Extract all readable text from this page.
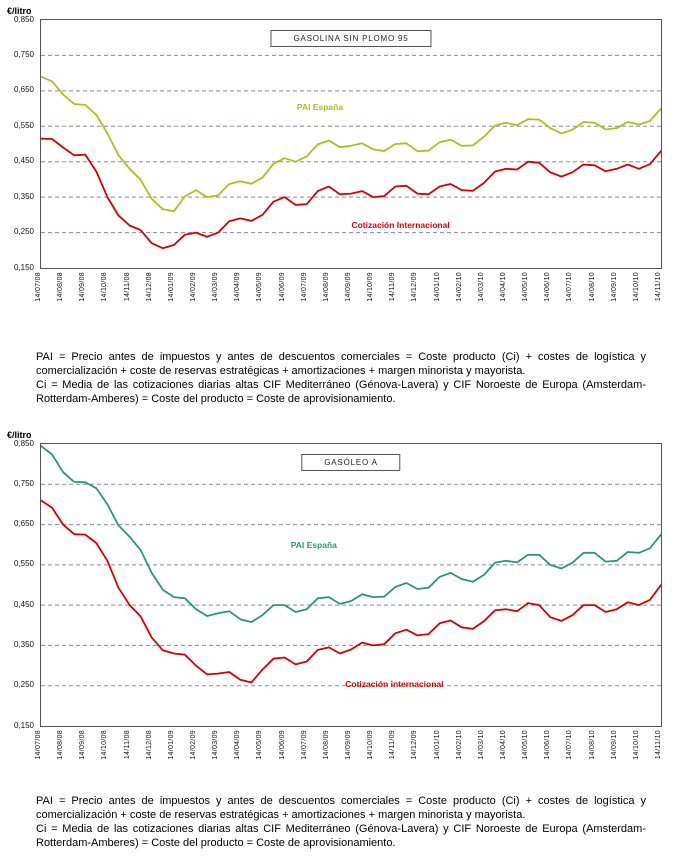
€/litro
GASOLINA SIN PLOMO 95
PAI España
Cotización Internacional
0,850
0,750
0,650
0,550
0,450
0,350
0,250
0,150
14/07/08 14/08/08 14/09/08 14/10/08 14/11/08 14/12/08 14/01/09 14/02/09 14/03/09 14/04/09 14/05/09 14/06/09 14/07/09 14/08/09 14/09/09 14/10/09 14/11/09 14/12/09 14/01/10 14/02/10 14/03/10 14/04/10 14/05/10 14/06/10 14/07/10 14/08/10 14/09/10 14/10/10 14/11/10

PAI = Precio antes de impuestos y antes de descuentos comerciales = Coste producto (Ci) + costes de logística y comercialización + coste de reservas estratégicas + amortizaciones + margen minorista y mayorista.

Ci = Media de las cotizaciones diarias altas CIF Mediterráneo (Génova-Lavera) y CIF Noroeste de Europa (Amsterdam-Rotterdam-Amberes) = Coste del producto = Coste de aprovisionamiento.

€/litro
GASÓLEO A
PAI España
Cotización internacional
0,850
0,750
0,650
0,550
0,450
0,350
0,250
0,150
14/07/08 14/08/08 14/09/08 14/10/08 14/11/08 14/12/08 14/01/09 14/02/09 14/03/09 14/04/09 14/05/09 14/06/09 14/07/09 14/08/09 14/09/09 14/10/09 14/11/09 14/12/09 14/01/10 14/02/10 14/03/10 14/04/10 14/05/10 14/06/10 14/07/10 14/08/10 14/09/10 14/10/10 14/11/10

PAI = Precio antes de impuestos y antes de descuentos comerciales = Coste producto (Ci) + costes de logística y comercialización + coste de reservas estratégicas + amortizaciones + margen minorista y mayorista.

Ci = Media de las cotizaciones diarias altas CIF Mediterráneo (Génova-Lavera) y CIF Noroeste de Europa (Amsterdam-Rotterdam-Amberes) = Coste del producto = Coste de aprovisionamiento.
